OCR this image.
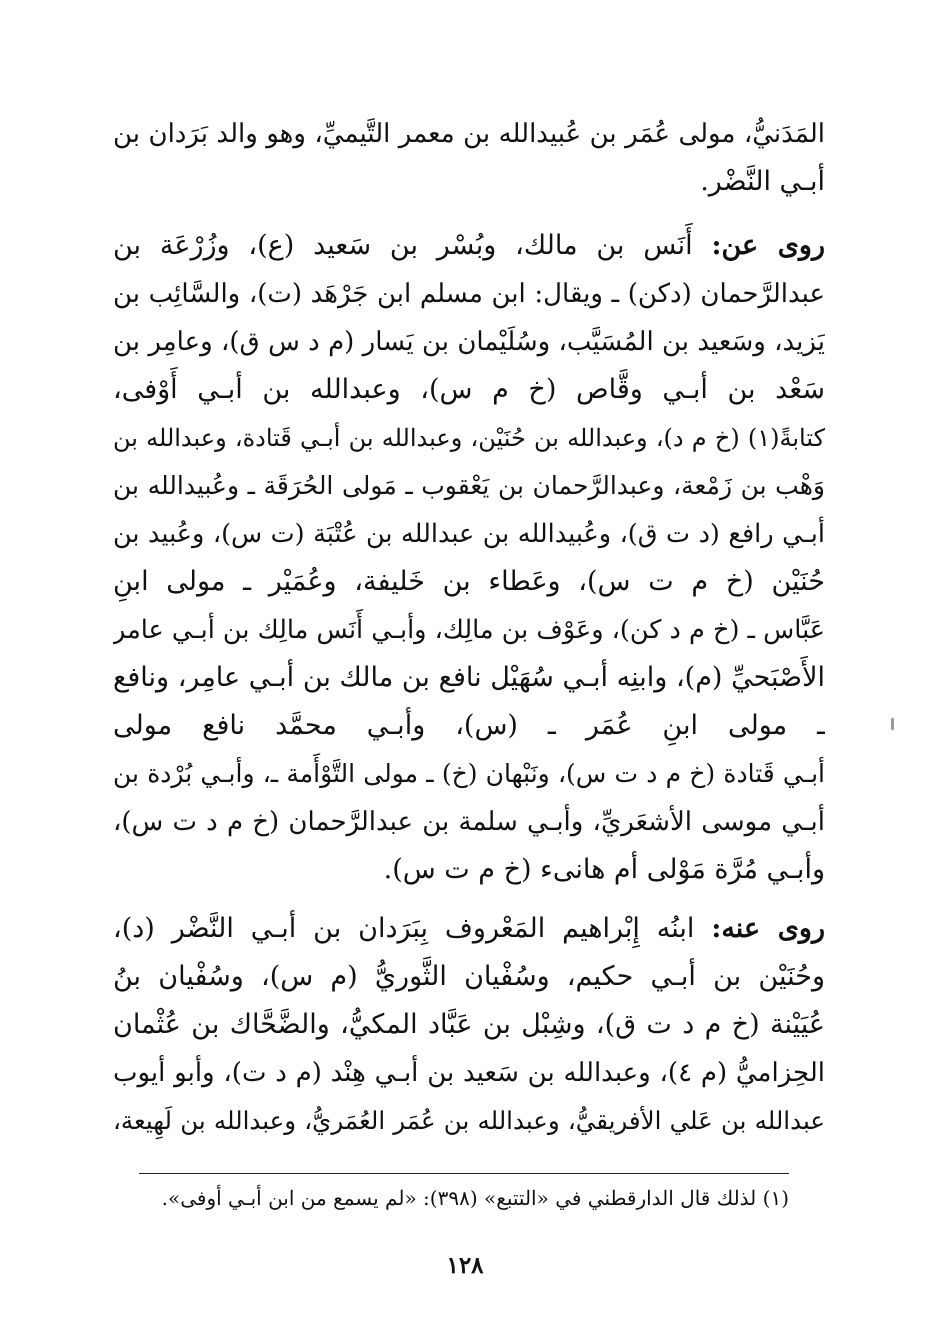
المَدَنيُّ، مولى عُمَر بن عُبيدالله بن معمر التَّيميِّ، وهو والد بَرَدان بن
أبـي النَّضْر.
روى عن: أَنَس بن مالك، وبُسْر بن سَعيد (ع)، وزُرْعَة بن
عبدالرَّحمان (دكن) ـ ويقال: ابن مسلم ابن جَرْهَد (ت)، والسَّائِب بن
يَزيد، وسَعيد بن المُسَيَّب، وسُلَيْمان بن يَسار (م د س ق)، وعامِر بن
سَعْد بن أبـي وقَّاص (خ م س)، وعبدالله بن أبـي أَوْفى،
كتابةً(١) (خ م د)، وعبدالله بن حُنَيْن، وعبدالله بن أبـي قَتادة، وعبدالله بن
وَهْب بن زَمْعة، وعبدالرَّحمان بن يَعْقوب ـ مَولى الحُرَقَة ـ وعُبيدالله بن
أبـي رافع (د ت ق)، وعُبيدالله بن عبدالله بن عُتْبَة (ت س)، وعُبيد بن
حُنَيْن (خ م ت س)، وعَطاء بن خَليفة، وعُمَيْر ـ مولى ابنِ
عَبَّاس ـ (خ م د كن)، وعَوْف بن مالِك، وأبـي أَنَس مالِك بن أبـي عامر
الأَصْبَحيِّ (م)، وابنِه أبـي سُهَيْل نافع بن مالك بن أبـي عامِر، ونافع
ـ مولى ابنِ عُمَر ـ (س)، وأبـي محمَّد نافع مولى
أبـي قَتادة (خ م د ت س)، ونَبْهان (خ) ـ مولى التَّوْأَمة ـ، وأبـي بُرْدة بن
أبـي موسى الأشعَريِّ، وأبـي سلمة بن عبدالرَّحمان (خ م د ت س)،
وأبـي مُرَّة مَوْلى أم هانىء (خ م ت س).
روى عنه: ابنُه إِبْراهيم المَعْروف بِبَرَدان بن أبـي النَّضْر (د)،
وحُنَيْن بن أبـي حكيم، وسُفْيان الثَّوريُّ (م س)، وسُفْيان بنُ
عُيَيْنة (خ م د ت ق)، وشِبْل بن عَبَّاد المكيُّ، والضَّحَّاك بن عُثْمان
الحِزاميُّ (م ٤)، وعبدالله بن سَعيد بن أبـي هِنْد (م د ت)، وأبو أيوب
عبدالله بن عَلي الأفريقيُّ، وعبدالله بن عُمَر العُمَريُّ، وعبدالله بن لَهِيعة،
(١) لذلك قال الدارقطني في «التتبع» (٣٩٨): «لم يسمع من ابن أبـي أوفى».
١٢٨
